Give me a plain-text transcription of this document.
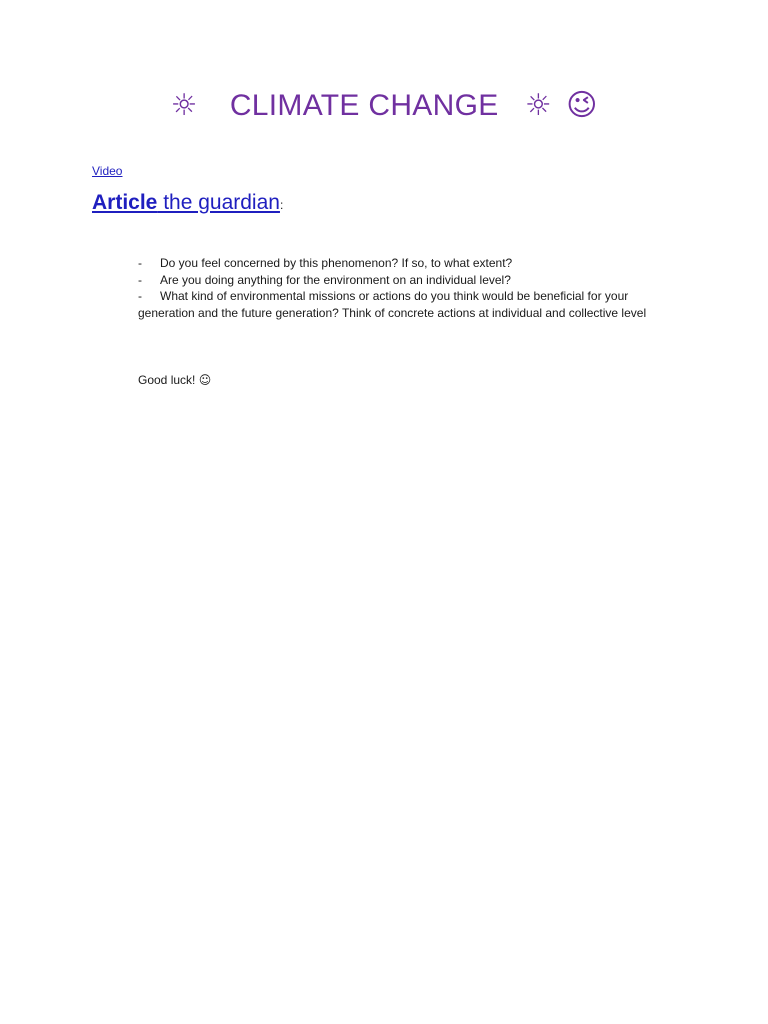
☼ CLIMATE CHANGE ☼ 😉
Video
Article the guardian:
- Do you feel concerned by this phenomenon? If so, to what extent?
- Are you doing anything for the environment on an individual level?
- What kind of environmental missions or actions do you think would be beneficial for your generation and the future generation? Think of concrete actions at individual and collective level
Good luck! ☺
